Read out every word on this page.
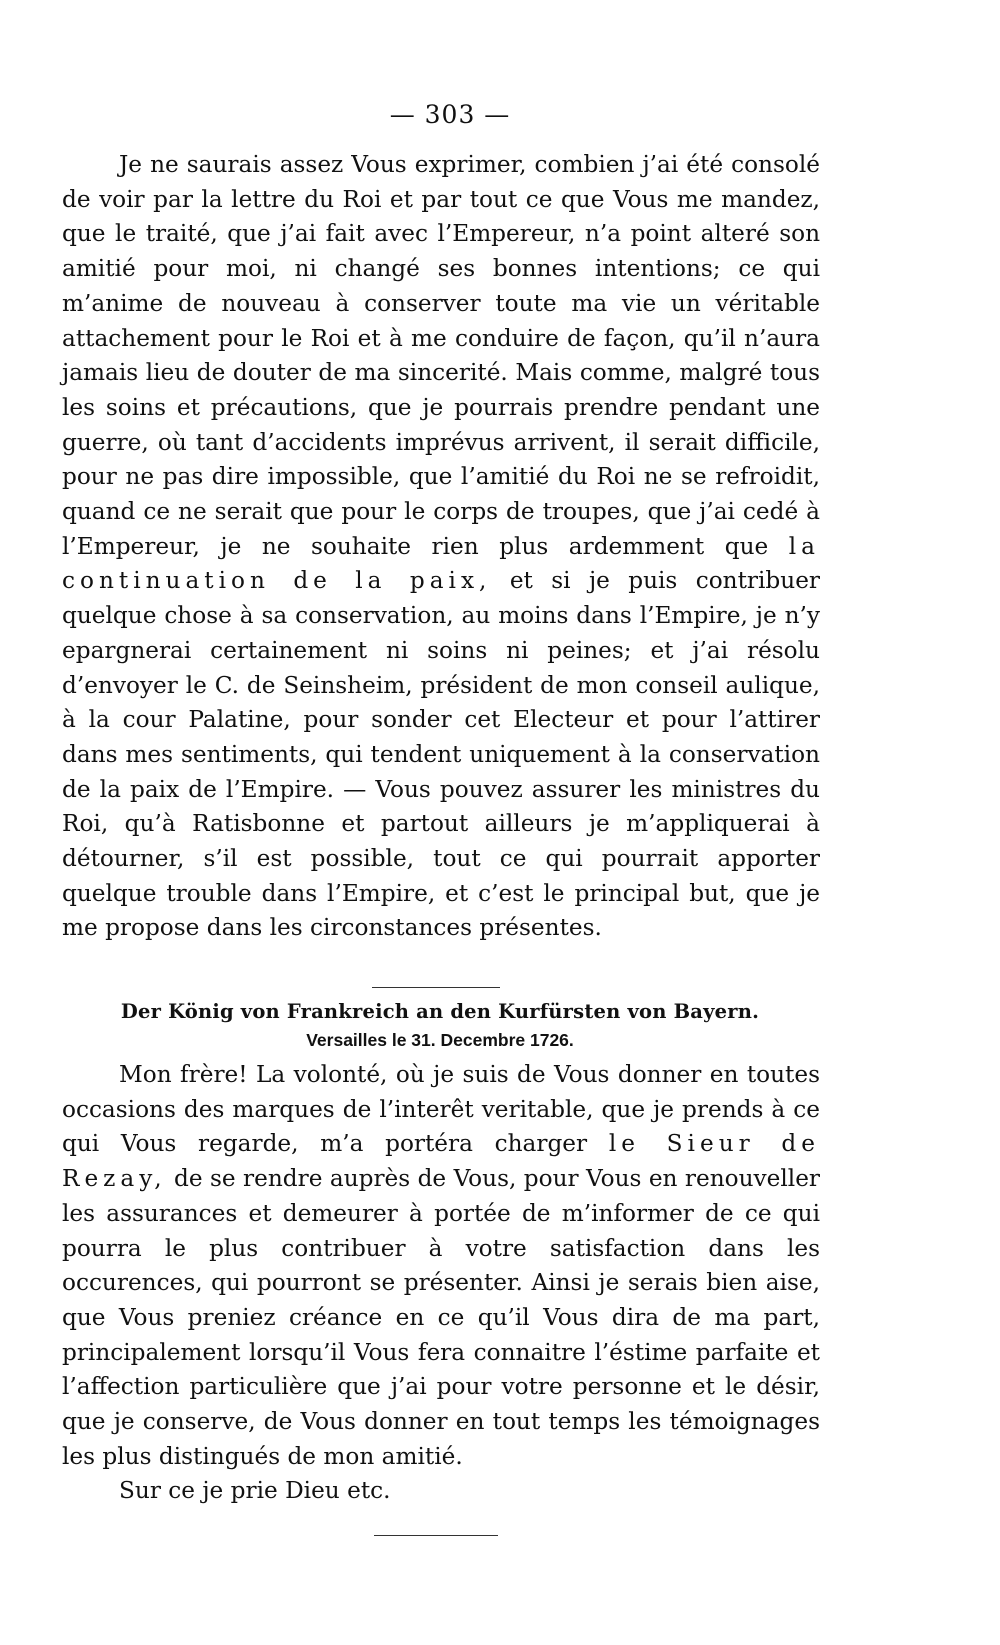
— 303 —

Je ne saurais assez Vous exprimer, combien j’ai été consolé de voir par la lettre du Roi et par tout ce que Vous me mandez, que le traité, que j’ai fait avec l’Empereur, n’a point alteré son amitié pour moi, ni changé ses bonnes intentions; ce qui m’anime de nouveau à conserver toute ma vie un véritable attachement pour le Roi et à me conduire de façon, qu’il n’aura jamais lieu de douter de ma sincerité. Mais comme, malgré tous les soins et précautions, que je pourrais prendre pendant une guerre, où tant d’accidents imprévus arrivent, il serait difficile, pour ne pas dire impossible, que l’amitié du Roi ne se refroidit, quand ce ne serait que pour le corps de troupes, que j’ai cedé à l’Empereur, je ne souhaite rien plus ardemment que la continuation de la paix, et si je puis contribuer quelque chose à sa conservation, au moins dans l’Empire, je n’y epargnerai certainement ni soins ni peines; et j’ai résolu d’envoyer le C. de Seinsheim, président de mon conseil aulique, à la cour Palatine, pour sonder cet Electeur et pour l’attirer dans mes sentiments, qui tendent uniquement à la conservation de la paix de l’Empire. — Vous pouvez assurer les ministres du Roi, qu’à Ratisbonne et partout ailleurs je m’appliquerai à détourner, s’il est possible, tout ce qui pourrait apporter quelque trouble dans l’Empire, et c’est le principal but, que je me propose dans les circonstances présentes.

Der König von Frankreich an den Kurfürsten von Bayern.
Versailles le 31. Decembre 1726.

Mon frère! La volonté, où je suis de Vous donner en toutes occasions des marques de l’interêt veritable, que je prends à ce qui Vous regarde, m’a portéra charger le Sieur de Rezay, de se rendre auprès de Vous, pour Vous en renouveller les assurances et demeurer à portée de m’informer de ce qui pourra le plus contribuer à votre satisfaction dans les occurences, qui pourront se présenter. Ainsi je serais bien aise, que Vous preniez créance en ce qu’il Vous dira de ma part, principalement lorsqu’il Vous fera connaitre l’éstime parfaite et l’affection particulière que j’ai pour votre personne et le désir, que je conserve, de Vous donner en tout temps les témoignages les plus distingués de mon amitié.

Sur ce je prie Dieu etc.
